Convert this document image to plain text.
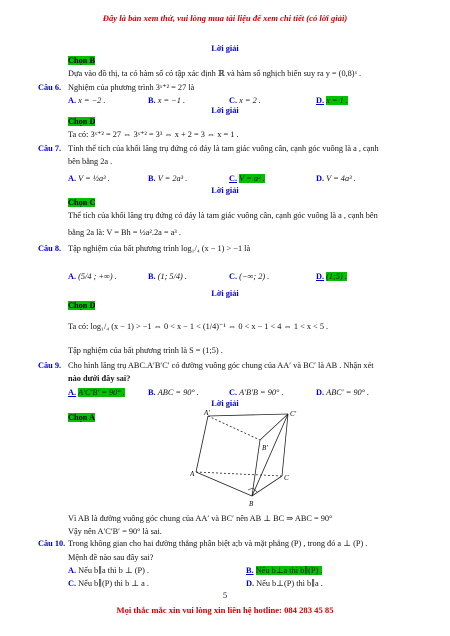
Đây là bản xem thử, vui lòng mua tài liệu để xem chi tiết (có lời giải)
Lời giải
Chọn B
Dựa vào đồ thị, ta có hàm số có tập xác định ℝ và hàm số nghịch biến suy ra y = (0,8)ˣ .
Câu 6. Nghiệm của phương trình 3ˣ⁺² = 27 là
A. x = −2 .	B. x = −1 .	C. x = 2 .	D. x = 1 .
Lời giải
Chọn D
Ta có: 3ˣ⁺² = 27 ⇔ 3ˣ⁺² = 3³ ⇔ x + 2 = 3 ⇔ x = 1 .
Câu 7. Tính thể tích của khối lăng trụ đứng có đáy là tam giác vuông cân, cạnh góc vuông là a , cạnh
bên bằng 2a .
A. V = ½a³ .	B. V = 2a³ .	C. V = a³ .	D. V = 4a³ .
Lời giải
Chọn C
Thể tích của khối lăng trụ đứng có đáy là tam giác vuông cân, cạnh góc vuông là a , cạnh bên
bằng 2a là: V = Bh = ½a².2a = a³ .
Câu 8. Tập nghiệm của bất phương trình log₁/₄ (x − 1) > −1 là
A. (5/4 ; +∞) .	B. (1; 5/4) .	C. (−∞; 2) .	D. (1;5) .
Lời giải
Chọn D
Ta có: log₁/₄ (x − 1) > −1 ⇔ 0 < x − 1 < (1/4)⁻¹ ⇔ 0 < x − 1 < 4 ⇔ 1 < x < 5 .
Tập nghiệm của bất phương trình là S = (1;5) .
Câu 9. Cho hình lăng trụ ABC.A′B′C′ có đường vuông góc chung của AA′ và BC′ là AB . Nhận xét
nào dưới đây sai?
A. A′C′B′ = 90° .	B. ABC = 90° .	C. A′B′B = 90° .	D. ABC′ = 90° .
Lời giải
Chọn A	A′	C′
B′
A	C
B
Vì AB là đường vuông góc chung của AA′ và BC′ nên AB ⊥ BC ⇒ ABC = 90°
Vậy nên A′C′B′ = 90° là sai.
Câu 10. Trong không gian cho hai đường thẳng phân biệt a;b và mặt phẳng (P) , trong đó a ⊥ (P) .
Mệnh đề nào sau đây sai?
A. Nếu b∥a thì b ⊥ (P) .	B. Nếu b⊥a thì b∥(P) .
C. Nếu b∥(P) thì b ⊥ a .	D. Nếu b⊥(P) thì b∥a .
5
Mọi thắc mắc xin vui lòng xin liên hệ hotline: 084 283 45 85
